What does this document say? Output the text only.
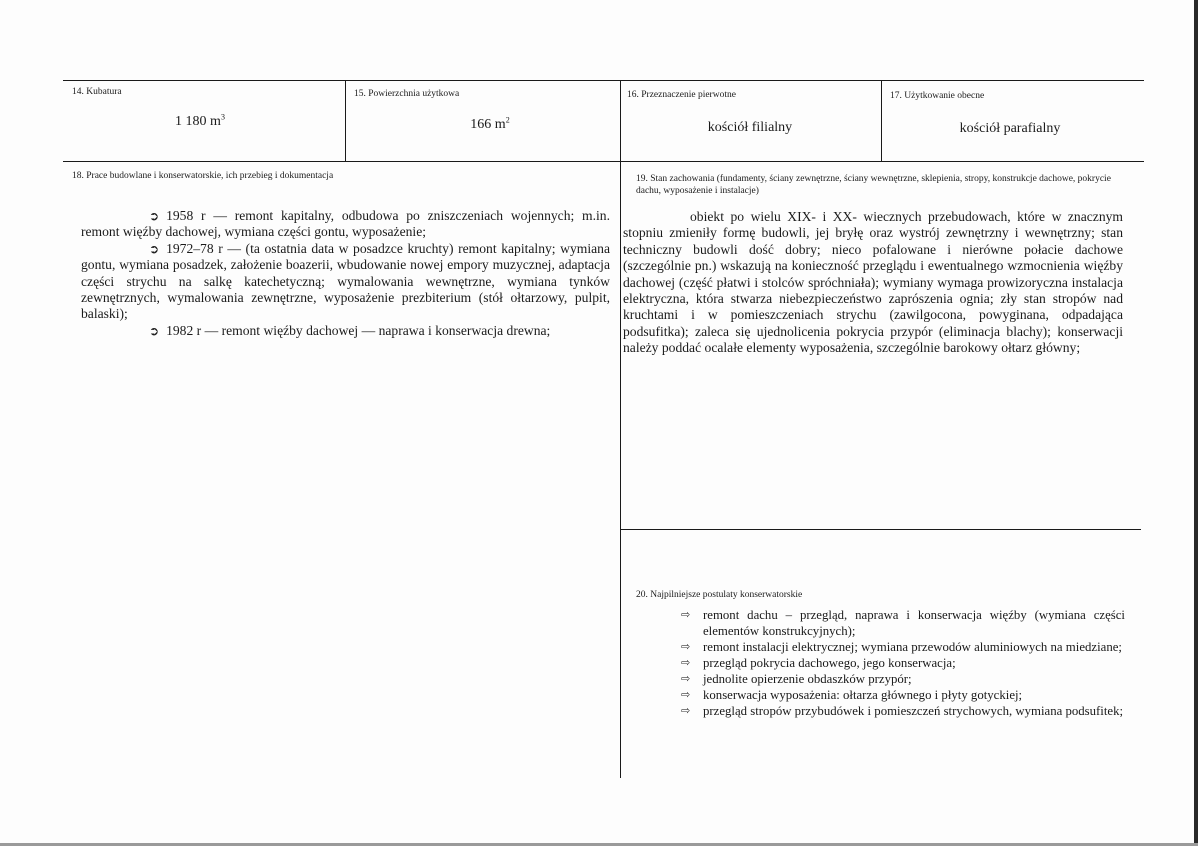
14. Kubatura
1 180 $m^3$
15. Powierzchnia użytkowa
166 $m^2$
16. Przeznaczenie pierwotne
kościół filialny
17. Użytkowanie obecne
kościół parafialny
18. Prace budowlane i konserwatorskie, ich przebieg i dokumentacja

➲ 1958 r — remont kapitalny, odbudowa po zniszczeniach wojennych; m.in. remont więźby dachowej, wymiana części gontu, wyposażenie;

➲ 1972–78 r — (ta ostatnia data w posadzce kruchty) remont kapitalny; wymiana gontu, wymiana posadzek, założenie boazerii, wbudowanie nowej empory muzycznej, adaptacja części strychu na salkę katechetyczną; wymalowania wewnętrzne, wymiana tynków zewnętrznych, wymalowania zewnętrzne, wyposażenie prezbiterium (stół ołtarzowy, pulpit, balaski);

➲ 1982 r — remont więźby dachowej — naprawa i konserwacja drewna;

19. Stan zachowania (fundamenty, ściany zewnętrzne, ściany wewnętrzne, sklepienia, stropy, konstrukcje dachowe, pokrycie dachu, wyposażenie i instalacje)

obiekt po wielu XIX- i XX- wiecznych przebudowach, które w znacznym stopniu zmieniły formę budowli, jej bryłę oraz wystrój zewnętrzny i wewnętrzny; stan techniczny budowli dość dobry; nieco pofalowane i nierówne połacie dachowe (szczególnie pn.) wskazują na konieczność przeglądu i ewentualnego wzmocnienia więźby dachowej (część płatwi i stolców spróchniała); wymiany wymaga prowizoryczna instalacja elektryczna, która stwarza niebezpieczeństwo zaprószenia ognia; zły stan stropów nad kruchtami i w pomieszczeniach strychu (zawilgocona, powyginana, odpadająca podsufitka); zaleca się ujednolicenia pokrycia przypór (eliminacja blachy); konserwacji należy poddać ocalałe elementy wyposażenia, szczególnie barokowy ołtarz główny;

20. Najpilniejsze postulaty konserwatorskie
⇨ remont dachu – przegląd, naprawa i konserwacja więźby (wymiana części elementów konstrukcyjnych);
⇨ remont instalacji elektrycznej; wymiana przewodów aluminiowych na miedziane;
⇨ przegląd pokrycia dachowego, jego konserwacja;
⇨ jednolite opierzenie obdaszków przypór;
⇨ konserwacja wyposażenia: ołtarza głównego i płyty gotyckiej;
⇨ przegląd stropów przybudówek i pomieszczeń strychowych, wymiana podsufitek;
